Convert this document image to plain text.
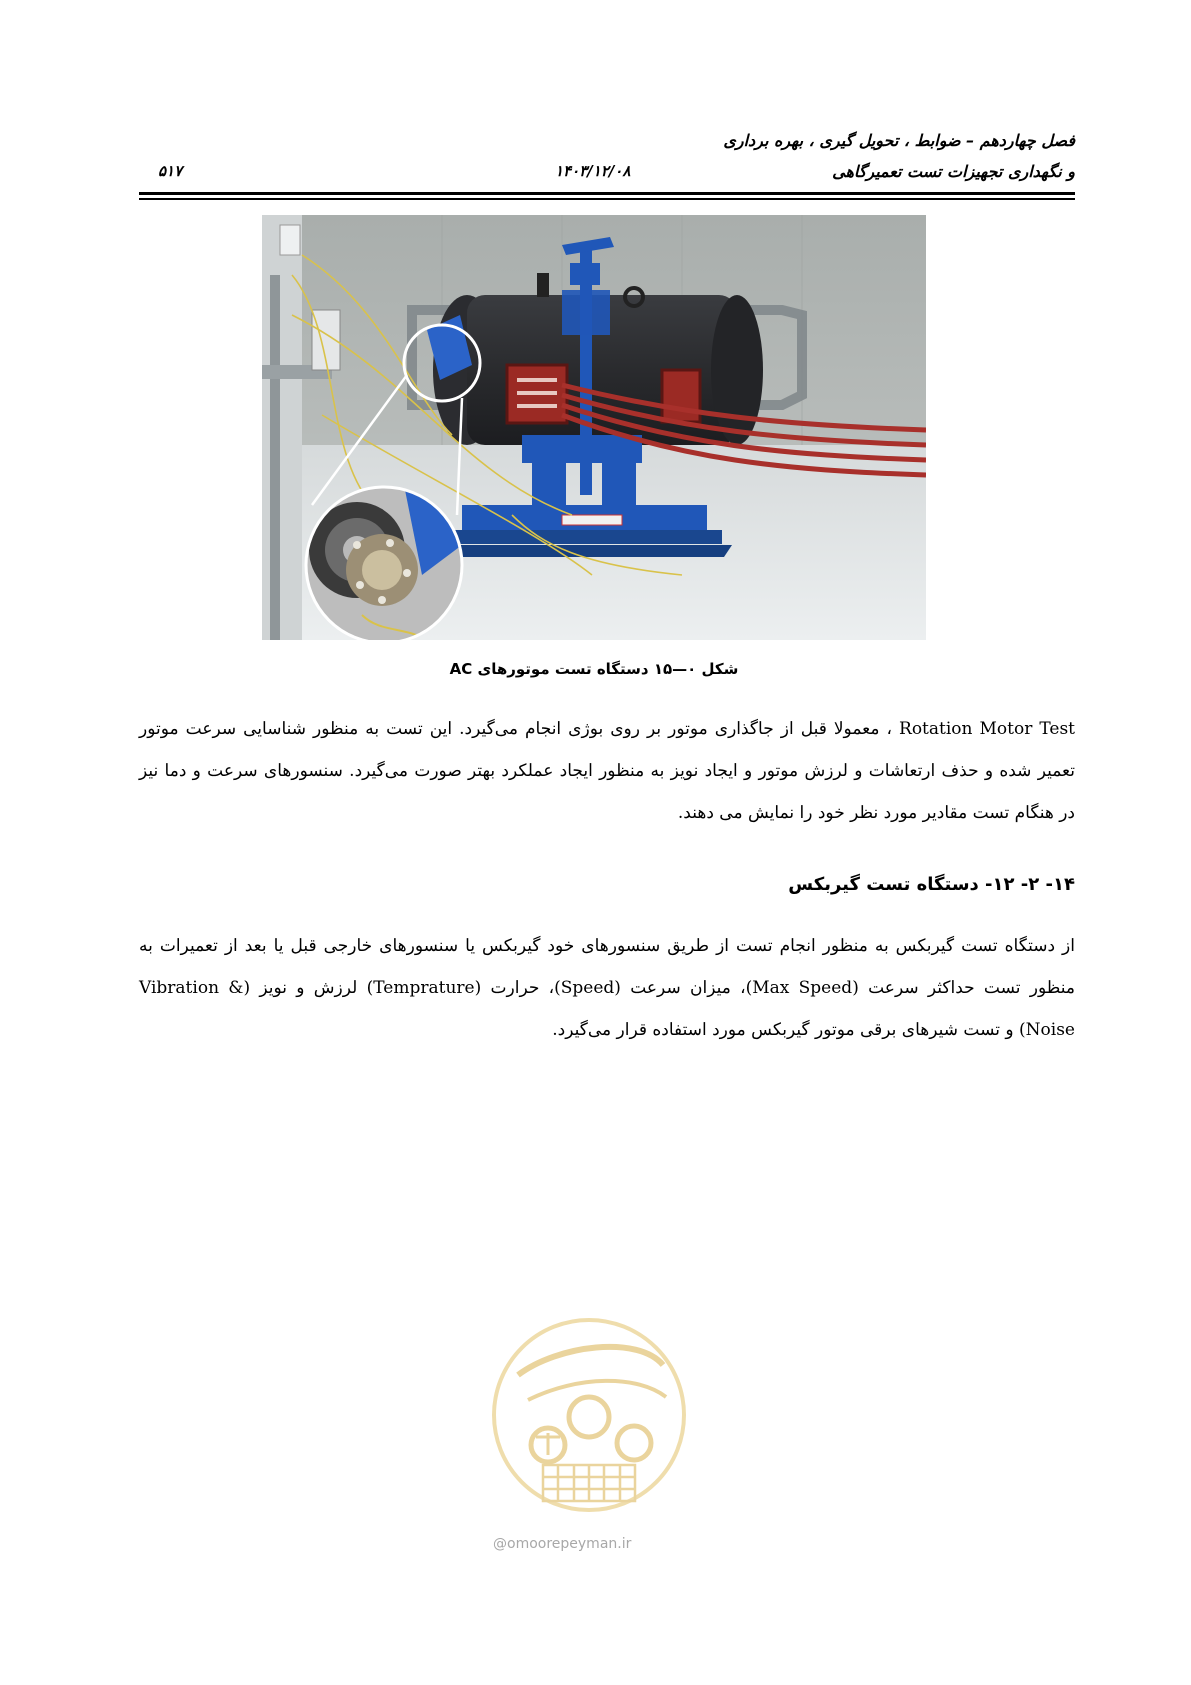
فصل چهاردهم – ضوابط ، تحویل گیری ، بهره برداری
و نگهداری تجهیزات تست تعمیرگاهی
۱۴۰۳/۱۲/۰۸
۵۱۷
شکل ۰—۱۵ دستگاه تست موتورهای AC

Rotation Motor Test ، معمولا قبل از جاگذاری موتور بر روی بوژی انجام می‌گیرد. این تست به منظور شناسایی سرعت موتور تعمیر شده و حذف ارتعاشات و لرزش موتور و ایجاد نویز به منظور ایجاد عملکرد بهتر صورت می‌گیرد. سنسورهای سرعت و دما نیز در هنگام تست مقادیر مورد نظر خود را نمایش می دهند.

۱۴- ۲- ۱۲- دستگاه تست گیربکس

از دستگاه تست گیربکس به منظور انجام تست از طریق سنسورهای خود گیربکس یا سنسورهای خارجی قبل یا بعد از تعمیرات به منظور تست حداکثر سرعت (Max Speed)، میزان سرعت (Speed)، حرارت (Temprature) لرزش و نویز (Vibration & Noise) و تست شیرهای برقی موتور گیربکس مورد استفاده قرار می‌گیرد.

@omoorepeyman.ir
